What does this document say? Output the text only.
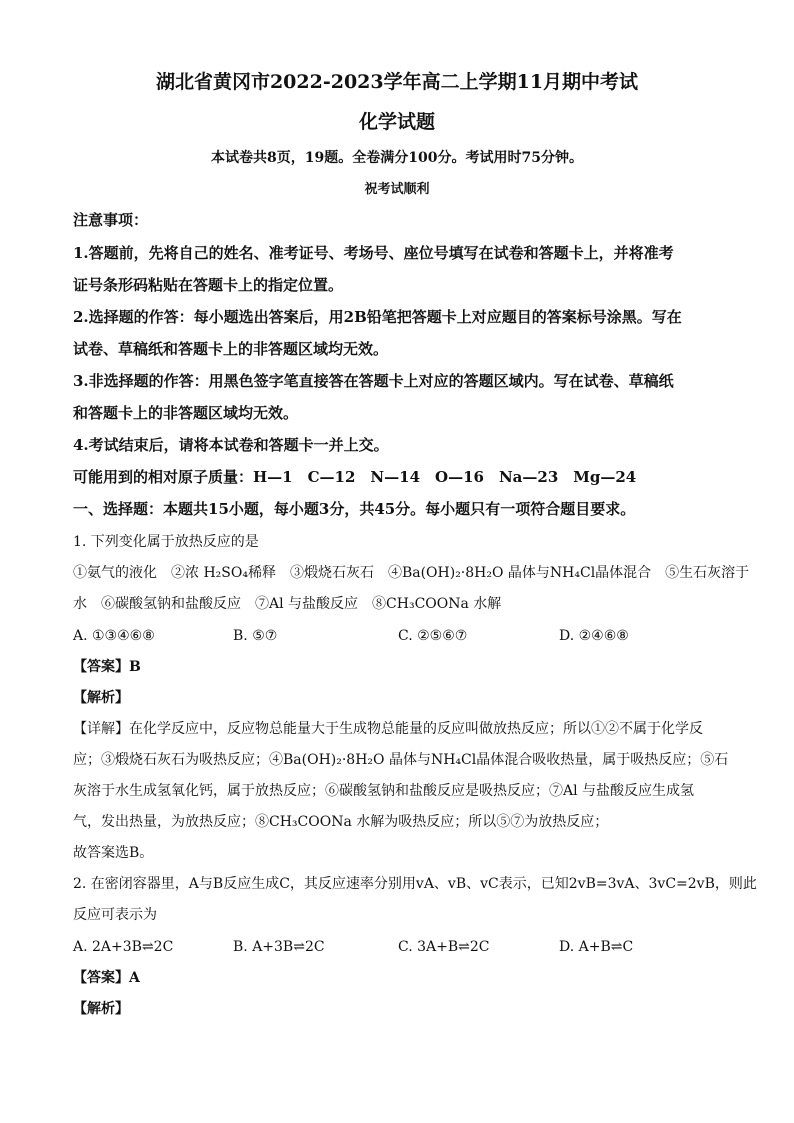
湖北省黄冈市2022-2023学年高二上学期11月期中考试
化学试题
本试卷共8页，19题。全卷满分100分。考试用时75分钟。
祝考试顺利
注意事项：
1.答题前，先将自己的姓名、准考证号、考场号、座位号填写在试卷和答题卡上，并将准考
证号条形码粘贴在答题卡上的指定位置。
2.选择题的作答：每小题选出答案后，用2B铅笔把答题卡上对应题目的答案标号涂黑。写在
试卷、草稿纸和答题卡上的非答题区域均无效。
3.非选择题的作答：用黑色签字笔直接答在答题卡上对应的答题区域内。写在试卷、草稿纸
和答题卡上的非答题区域均无效。
4.考试结束后，请将本试卷和答题卡一并上交。
可能用到的相对原子质量：H—1　C—12　N—14　O—16　Na—23　Mg—24
一、选择题：本题共15小题，每小题3分，共45分。每小题只有一项符合题目要求。
1. 下列变化属于放热反应的是
①氨气的液化　②浓 H₂SO₄稀释　③煅烧石灰石　④Ba(OH)₂·8H₂O 晶体与NH₄Cl晶体混合　⑤生石灰溶于
水　⑥碳酸氢钠和盐酸反应　⑦Al 与盐酸反应　⑧CH₃COONa 水解
A. ①③④⑥⑧	B. ⑤⑦	C. ②⑤⑥⑦	D. ②④⑥⑧
【答案】B
【解析】
【详解】在化学反应中，反应物总能量大于生成物总能量的反应叫做放热反应；所以①②不属于化学反
应；③煅烧石灰石为吸热反应；④Ba(OH)₂·8H₂O 晶体与NH₄Cl晶体混合吸收热量，属于吸热反应；⑤石
灰溶于水生成氢氧化钙，属于放热反应；⑥碳酸氢钠和盐酸反应是吸热反应；⑦Al 与盐酸反应生成氢
气，发出热量，为放热反应；⑧CH₃COONa 水解为吸热反应；所以⑤⑦为放热反应；
故答案选B。
2. 在密闭容器里，A与B反应生成C，其反应速率分别用vA、vB、vC表示，已知2vB=3vA、3vC=2vB，则此
反应可表示为
A. 2A+3B⇌2C	B. A+3B⇌2C	C. 3A+B⇌2C	D. A+B⇌C
【答案】A
【解析】
